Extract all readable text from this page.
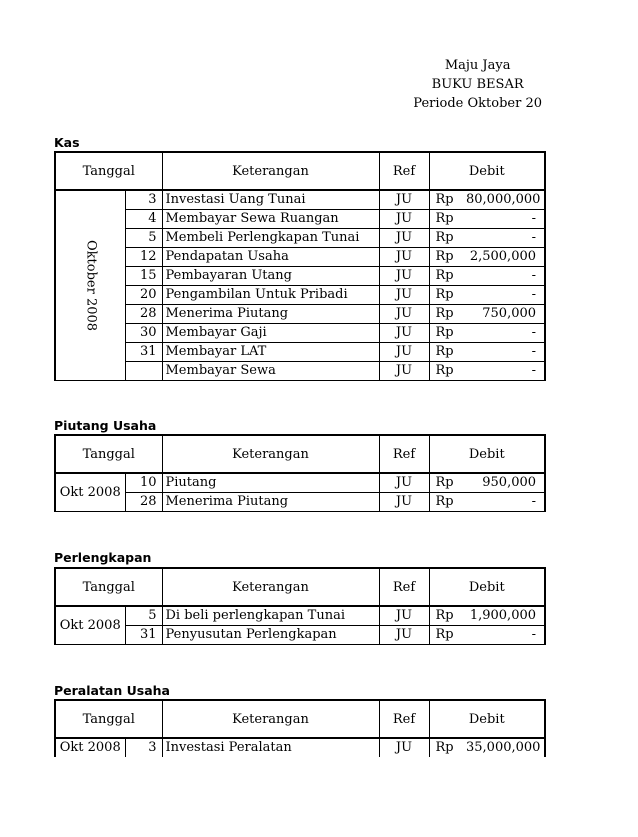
Maju Jaya
BUKU BESAR
Periode Oktober 20
Kas
Tanggal		Keterangan	Ref	Debit	
Oktober 2008	3	Investasi Uang Tunai	JU	Rp	80,000,000
	4	Membayar Sewa Ruangan	JU	Rp	-
	5	Membeli Perlengkapan Tunai	JU	Rp	-
	12	Pendapatan Usaha	JU	Rp	2,500,000
	15	Pembayaran Utang	JU	Rp	-
	20	Pengambilan Untuk Pribadi	JU	Rp	-
	28	Menerima Piutang	JU	Rp	750,000
	30	Membayar Gaji	JU	Rp	-
	31	Membayar LAT	JU	Rp	-
		Membayar Sewa	JU	Rp	-
Piutang Usaha
Tanggal		Keterangan	Ref	Debit	
Okt 2008	10	Piutang	JU	Rp	950,000
	28	Menerima Piutang	JU	Rp	-
Perlengkapan
Tanggal		Keterangan	Ref	Debit	
Okt 2008	5	Di beli perlengkapan Tunai	JU	Rp	1,900,000
	31	Penyusutan Perlengkapan	JU	Rp	-
Peralatan Usaha
Tanggal		Keterangan	Ref	Debit	
Okt 2008	3	Investasi Peralatan	JU	Rp	35,000,000
